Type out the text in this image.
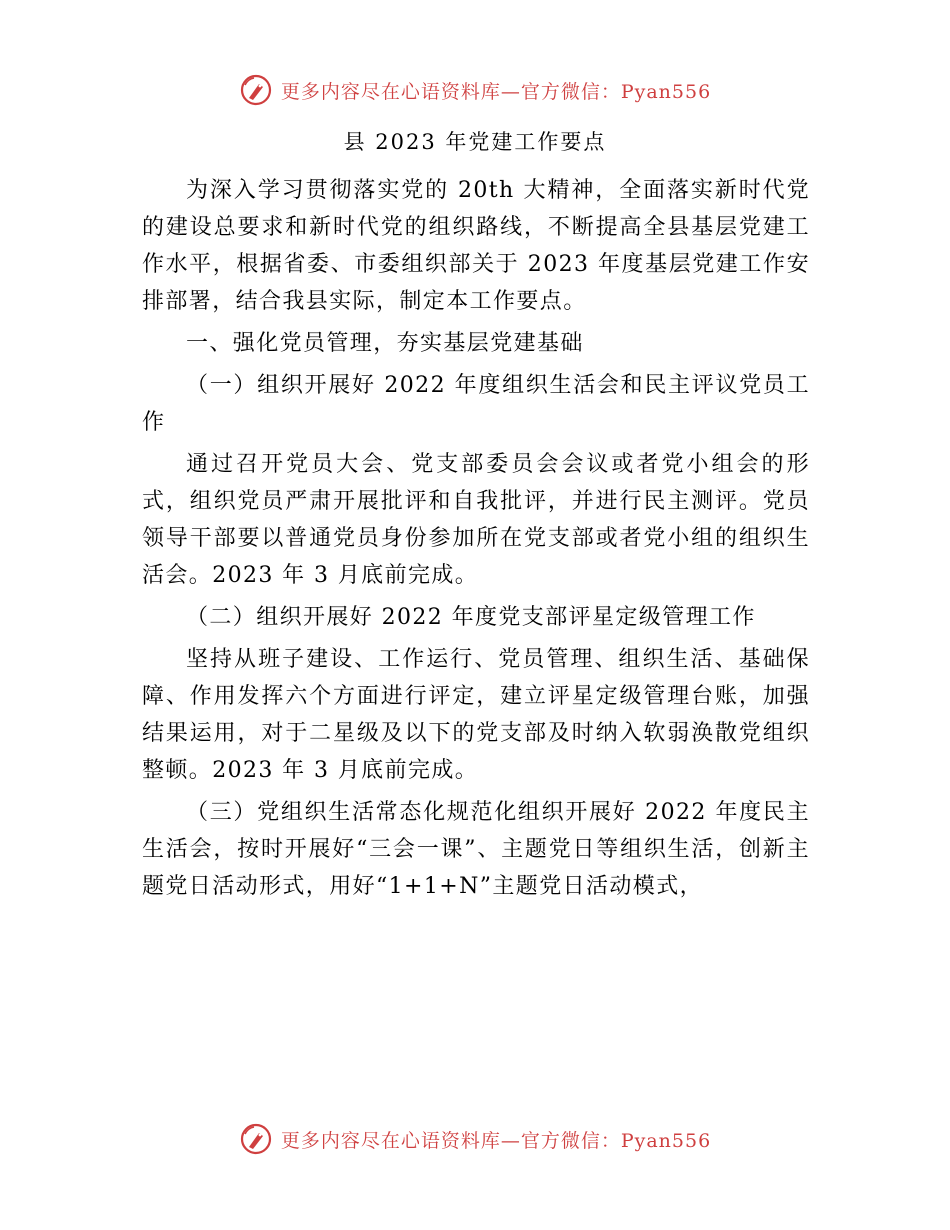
更多内容尽在心语资料库—官方微信：Pyan556
县 2023 年党建工作要点

为深入学习贯彻落实党的 20th 大精神，全面落实新时代党的建设总要求和新时代党的组织路线，不断提高全县基层党建工作水平，根据省委、市委组织部关于 2023 年度基层党建工作安排部署，结合我县实际，制定本工作要点。

一、强化党员管理，夯实基层党建基础

（一）组织开展好 2022 年度组织生活会和民主评议党员工作

通过召开党员大会、党支部委员会会议或者党小组会的形式，组织党员严肃开展批评和自我批评，并进行民主测评。党员领导干部要以普通党员身份参加所在党支部或者党小组的组织生活会。2023 年 3 月底前完成。

（二）组织开展好 2022 年度党支部评星定级管理工作

坚持从班子建设、工作运行、党员管理、组织生活、基础保障、作用发挥六个方面进行评定，建立评星定级管理台账，加强结果运用，对于二星级及以下的党支部及时纳入软弱涣散党组织整顿。2023 年 3 月底前完成。

（三）党组织生活常态化规范化组织开展好 2022 年度民主生活会，按时开展好“三会一课”、主题党日等组织生活，创新主题党日活动形式，用好“1+1+N”主题党日活动模式，

更多内容尽在心语资料库—官方微信：Pyan556
